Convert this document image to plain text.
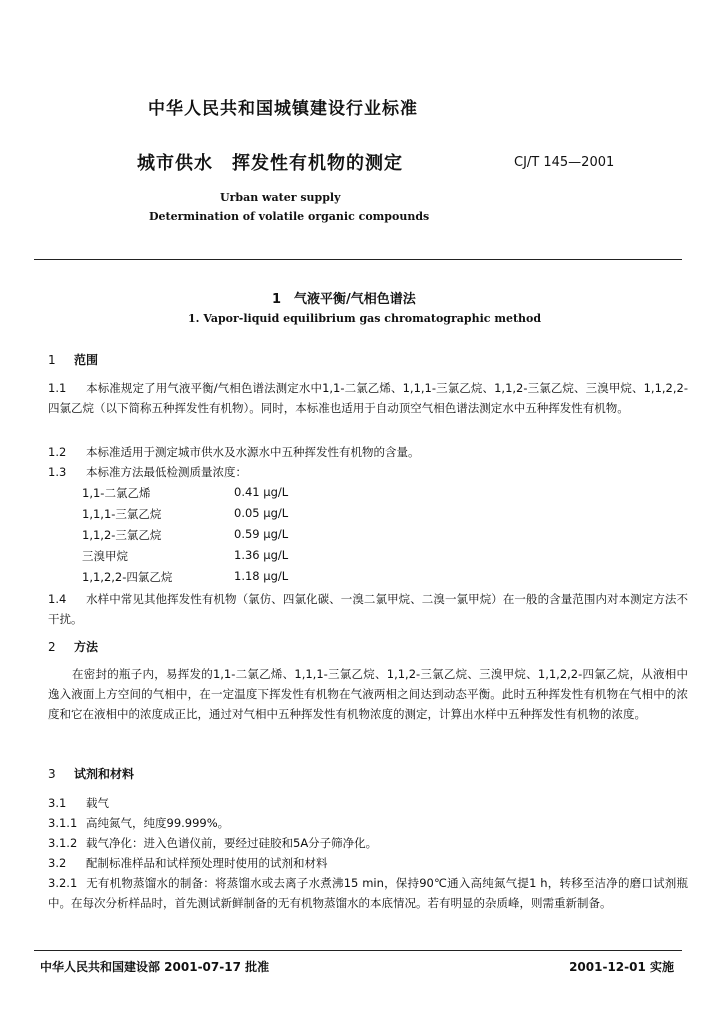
中华人民共和国城镇建设行业标准
城市供水　挥发性有机物的测定	CJ/T 145—2001
Urban water supply
Determination of volatile organic compounds
1　气液平衡/气相色谱法
1. Vapor-liquid equilibrium gas chromatographic method
1 范围
1.1 本标准规定了用气液平衡/气相色谱法测定水中1,1-二氯乙烯、1,1,1-三氯乙烷、1,1,2-三氯乙烷、三溴甲烷、1,1,2,2-四氯乙烷（以下简称五种挥发性有机物）。同时，本标准也适用于自动顶空气相色谱法测定水中五种挥发性有机物。
1.2 本标准适用于测定城市供水及水源水中五种挥发性有机物的含量。
1.3 本标准方法最低检测质量浓度：
1,1-二氯乙烯	0.41 μg/L
1,1,1-三氯乙烷	0.05 μg/L
1,1,2-三氯乙烷	0.59 μg/L
三溴甲烷	1.36 μg/L
1,1,2,2-四氯乙烷	1.18 μg/L
1.4 水样中常见其他挥发性有机物（氯仿、四氯化碳、一溴二氯甲烷、二溴一氯甲烷）在一般的含量范围内对本测定方法不干扰。
2 方法
在密封的瓶子内，易挥发的1,1-二氯乙烯、1,1,1-三氯乙烷、1,1,2-三氯乙烷、三溴甲烷、1,1,2,2-四氯乙烷，从液相中逸入液面上方空间的气相中，在一定温度下挥发性有机物在气液两相之间达到动态平衡。此时五种挥发性有机物在气相中的浓度和它在液相中的浓度成正比，通过对气相中五种挥发性有机物浓度的测定，计算出水样中五种挥发性有机物的浓度。
3 试剂和材料
3.1 载气
3.1.1 高纯氮气，纯度99.999%。
3.1.2 载气净化：进入色谱仪前，要经过硅胶和5A分子筛净化。
3.2 配制标准样品和试样预处理时使用的试剂和材料
3.2.1 无有机物蒸馏水的制备：将蒸馏水或去离子水煮沸15 min，保持90℃通入高纯氮气提1 h，转移至洁净的磨口试剂瓶中。在每次分析样品时，首先测试新鲜制备的无有机物蒸馏水的本底情况。若有明显的杂质峰，则需重新制备。
中华人民共和国建设部 2001-07-17 批准	2001-12-01 实施
